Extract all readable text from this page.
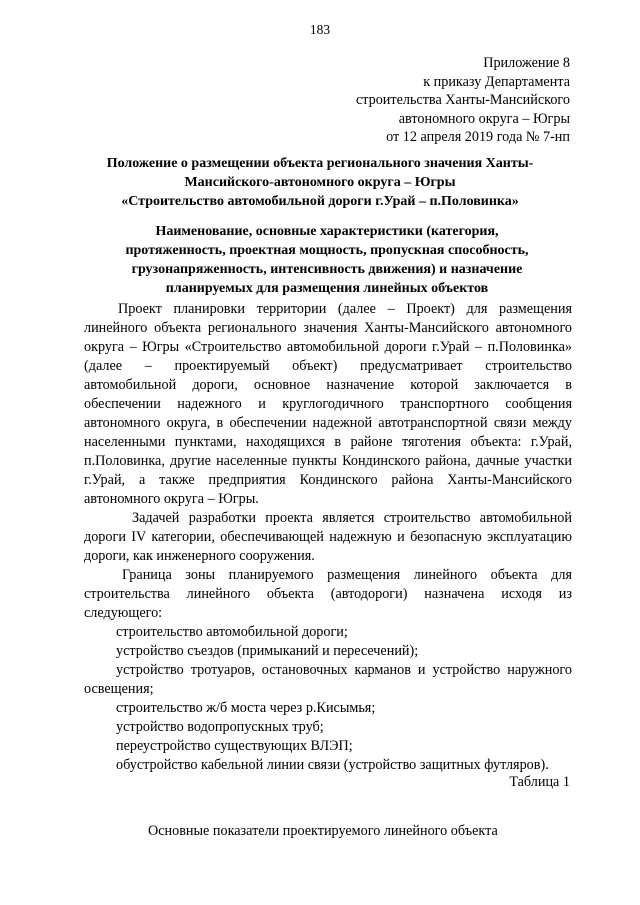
183
Приложение 8
к приказу Департамента
строительства Ханты-Мансийского
автономного округа – Югры
от 12 апреля 2019 года № 7-нп
Положение о размещении объекта регионального значения Ханты-
Мансийского-автономного округа – Югры
«Строительство автомобильной дороги г.Урай – п.Половинка»
Наименование, основные характеристики (категория,
протяженность, проектная мощность, пропускная способность,
грузонапряженность, интенсивность движения) и назначение
планируемых для размещения линейных объектов

Проект планировки территории (далее – Проект) для размещения линейного объекта регионального значения Ханты-Мансийского автономного округа – Югры «Строительство автомобильной дороги г.Урай – п.Половинка» (далее – проектируемый объект) предусматривает строительство автомобильной дороги, основное назначение которой заключается в обеспечении надежного и круглогодичного транспортного сообщения автономного округа, в обеспечении надежной автотранспортной связи между населенными пунктами, находящихся в районе тяготения объекта: г.Урай, п.Половинка, другие населенные пункты Кондинского района, дачные участки г.Урай, а также предприятия Кондинского района Ханты-Мансийского автономного округа – Югры.

Задачей разработки проекта является строительство автомобильной дороги IV категории, обеспечивающей надежную и безопасную эксплуатацию дороги, как инженерного сооружения.

Граница зоны планируемого размещения линейного объекта для строительства линейного объекта (автодороги) назначена исходя из следующего:

строительство автомобильной дороги;

устройство съездов (примыканий и пересечений);

устройство тротуаров, остановочных карманов и устройство наружного освещения;

строительство ж/б моста через р.Кисымья;

устройство водопропускных труб;

переустройство существующих ВЛЭП;

обустройство кабельной линии связи (устройство защитных футляров).

Таблица 1
Основные показатели проектируемого линейного объекта
